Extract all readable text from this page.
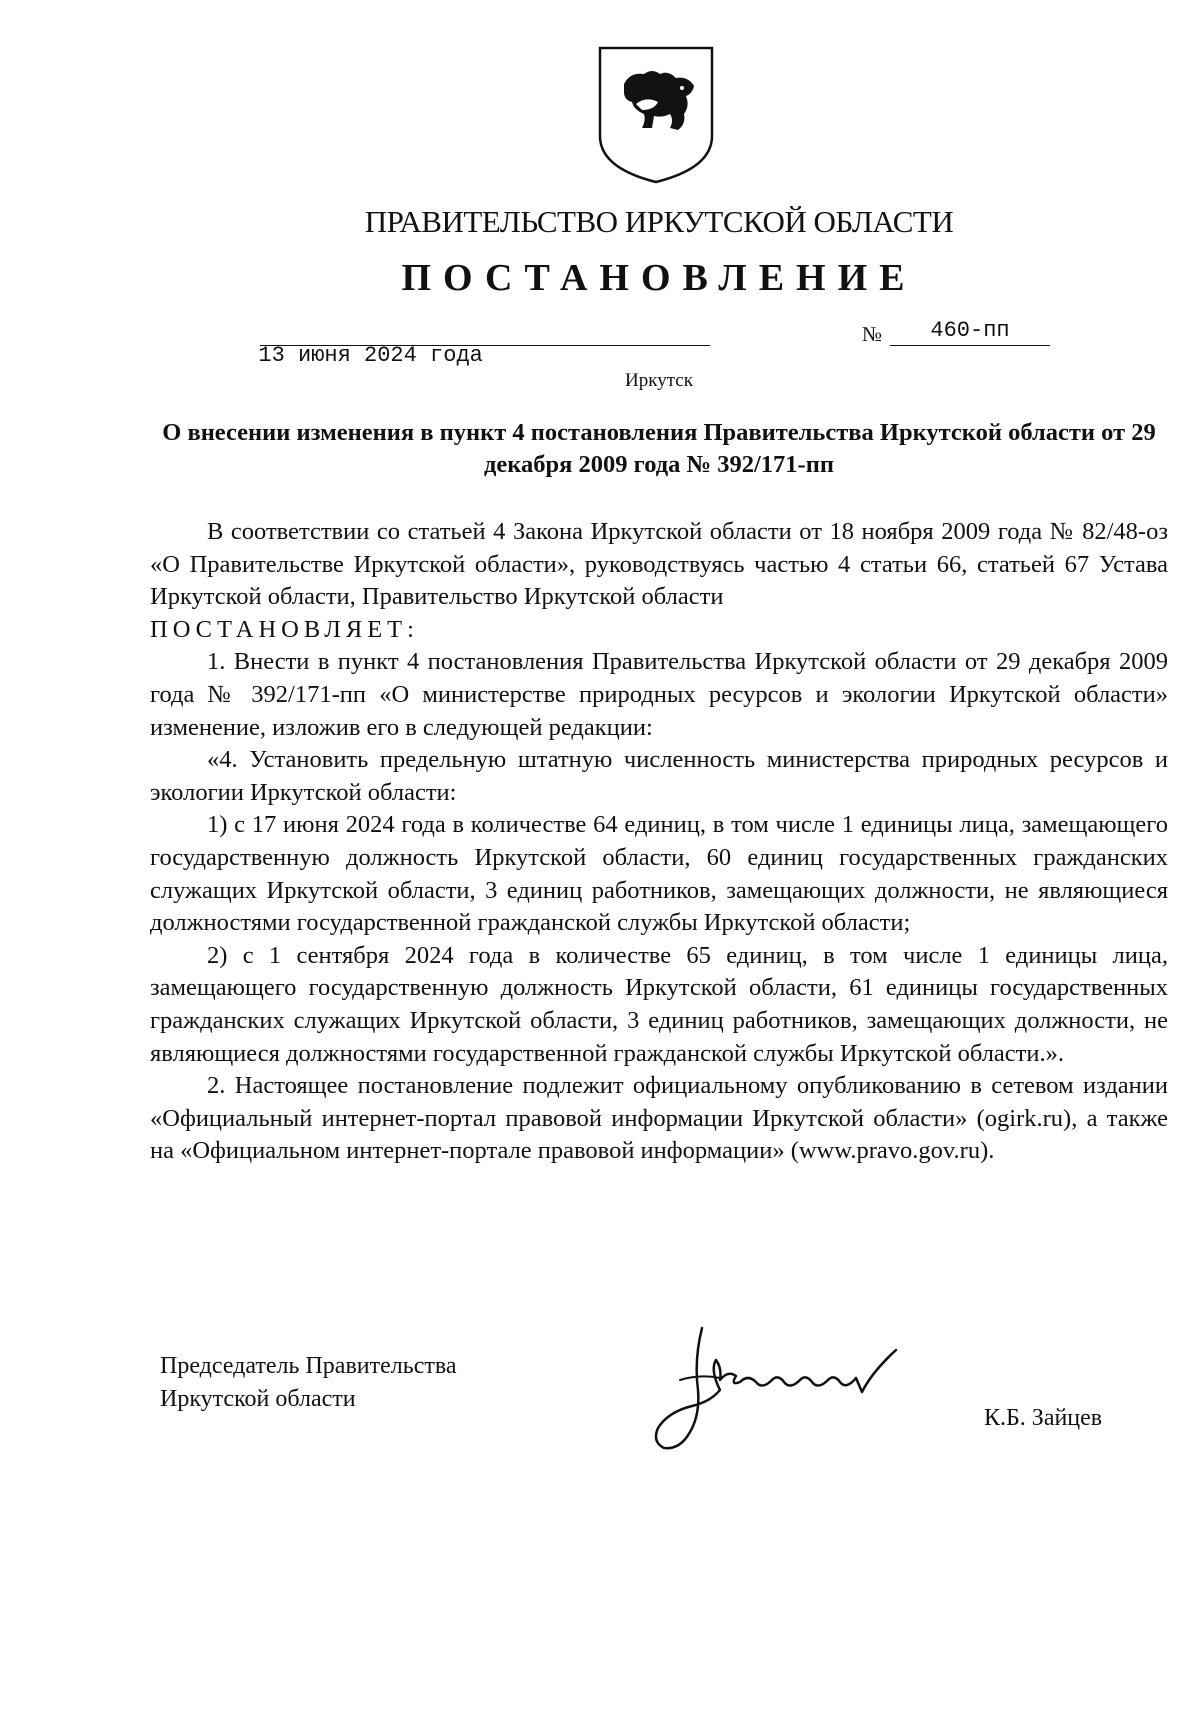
ПРАВИТЕЛЬСТВО ИРКУТСКОЙ ОБЛАСТИ
ПОСТАНОВЛЕНИЕ

13 июня 2024 года

№	460-пп
Иркутск
О внесении изменения в пункт 4 постановления Правительства Иркутской области от 29 декабря 2009 года № 392/171-пп

В соответствии со статьей 4 Закона Иркутской области от 18 ноября 2009 года № 82/48-оз «О Правительстве Иркутской области», руководствуясь частью 4 статьи 66, статьей 67 Устава Иркутской области, Правительство Иркутской области

ПОСТАНОВЛЯЕТ:

1. Внести в пункт 4 постановления Правительства Иркутской области от 29 декабря 2009 года № 392/171-пп «О министерстве природных ресурсов и экологии Иркутской области» изменение, изложив его в следующей редакции:

«4. Установить предельную штатную численность министерства природных ресурсов и экологии Иркутской области:

1) с 17 июня 2024 года в количестве 64 единиц, в том числе 1 единицы лица, замещающего государственную должность Иркутской области, 60 единиц государственных гражданских служащих Иркутской области, 3 единиц работников, замещающих должности, не являющиеся должностями государственной гражданской службы Иркутской области;

2) с 1 сентября 2024 года в количестве 65 единиц, в том числе 1 единицы лица, замещающего государственную должность Иркутской области, 61 единицы государственных гражданских служащих Иркутской области, 3 единиц работников, замещающих должности, не являющиеся должностями государственной гражданской службы Иркутской области.».

2. Настоящее постановление подлежит официальному опубликованию в сетевом издании «Официальный интернет-портал правовой информации Иркутской области» (ogirk.ru), а также на «Официальном интернет-портале правовой информации» (www.pravo.gov.ru).

Председатель Правительства
Иркутской области
К.Б. Зайцев
